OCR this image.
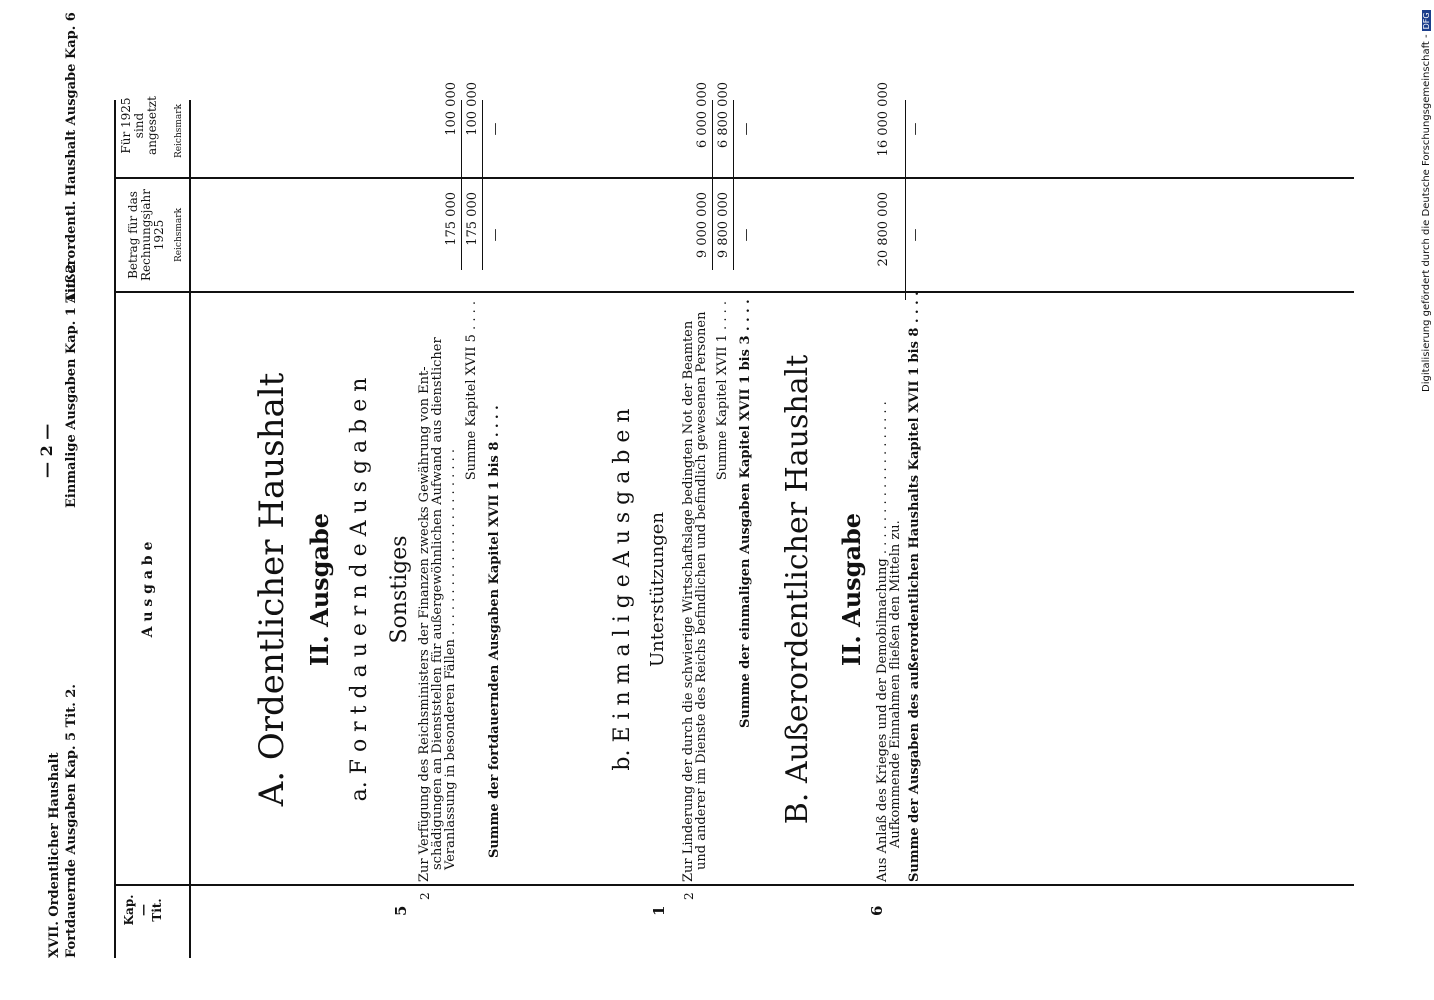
XVII. Ordentlicher Haushalt Fortdauernde Ausgaben Kap. 5 Tit. 2.
— 2 — Einmalige Ausgaben Kap. 1 Tit. 2
Außerordentl. Haushalt Ausgabe Kap. 6
Kap.
—
Tit.
A u s g a b e
Betrag für das Rechnungsjahr 1925 Reichsmark
Für 1925 sind angesetzt Reichsmark
A. Ordentlicher Haushalt II. Ausgabe a. F o r t d a u e r n d e A u s g a b e n Sonstiges
5
2
Zur Verfügung des Reichsministers der Finanzen zwecks Gewährung von Ent-
schädigungen an Dienststellen für außergewöhnlichen Aufwand aus dienstlicher
Veranlassung in besonderen Fällen . . . . . . . . . . . . . . . . . . . . . . .
175 000
100 000
Summe Kapitel XVII 5 . . . .
175 000
100 000
Summe der fortdauernden Ausgaben Kapitel XVII 1 bis 8 . . . .
—
—
b. E i n m a l i g e A u s g a b e n Unterstützungen
1
2
Zur Linderung der durch die schwierige Wirtschaftslage bedingten Not der Beamten
und anderer im Dienste des Reichs befindlichen und befindlich gewesenen Personen
9 000 000
6 000 000
Summe Kapitel XVII 1 . . . .
9 800 000
6 800 000
Summe der einmaligen Ausgaben Kapitel XVII 1 bis 3 . . . .
—
—
B. Außerordentlicher Haushalt II. Ausgabe
6
Aus Anlaß des Krieges und der Demobilmachung . . . . . . . . . . . . . . . . . . .
Aufkommende Einnahmen fließen den Mitteln zu.
20 800 000
16 000 000
Summe der Ausgaben des außerordentlichen Haushalts Kapitel XVII 1 bis 8 . . . .
—
—	Digitalisierung gefördert durch die Deutsche Forschungsgemeinschaft -DFG
